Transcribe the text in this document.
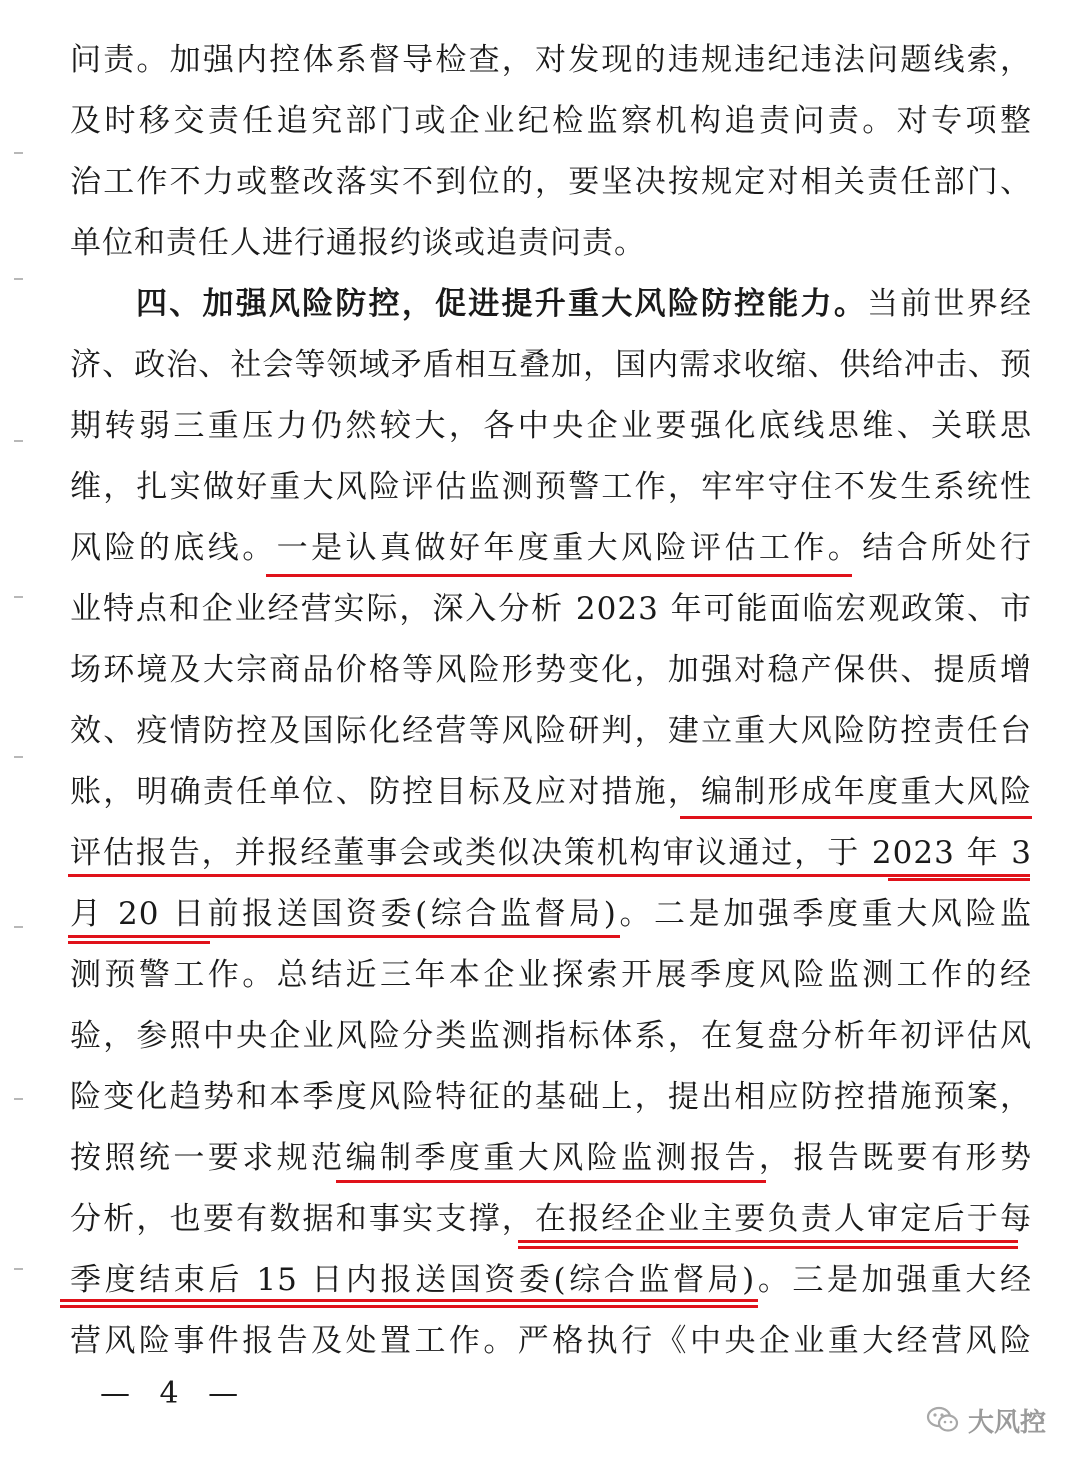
问责。加强内控体系督导检查，对发现的违规违纪违法问题线索，
及时移交责任追究部门或企业纪检监察机构追责问责。对专项整
治工作不力或整改落实不到位的，要坚决按规定对相关责任部门、
单位和责任人进行通报约谈或追责问责。
四、加强风险防控，促进提升重大风险防控能力。当前世界经
济、政治、社会等领域矛盾相互叠加，国内需求收缩、供给冲击、预
期转弱三重压力仍然较大，各中央企业要强化底线思维、关联思
维，扎实做好重大风险评估监测预警工作，牢牢守住不发生系统性
风险的底线。一是认真做好年度重大风险评估工作。结合所处行
业特点和企业经营实际，深入分析 2023 年可能面临宏观政策、市
场环境及大宗商品价格等风险形势变化，加强对稳产保供、提质增
效、疫情防控及国际化经营等风险研判，建立重大风险防控责任台
账，明确责任单位、防控目标及应对措施，编制形成年度重大风险
评估报告，并报经董事会或类似决策机构审议通过，于 2023 年 3
月 20 日前报送国资委(综合监督局)。二是加强季度重大风险监
测预警工作。总结近三年本企业探索开展季度风险监测工作的经
验，参照中央企业风险分类监测指标体系，在复盘分析年初评估风
险变化趋势和本季度风险特征的基础上，提出相应防控措施预案，
按照统一要求规范编制季度重大风险监测报告，报告既要有形势
分析，也要有数据和事实支撑，在报经企业主要负责人审定后于每
季度结束后 15 日内报送国资委(综合监督局)。三是加强重大经
营风险事件报告及处置工作。严格执行《中央企业重大经营风险
— 4 —
大风控
